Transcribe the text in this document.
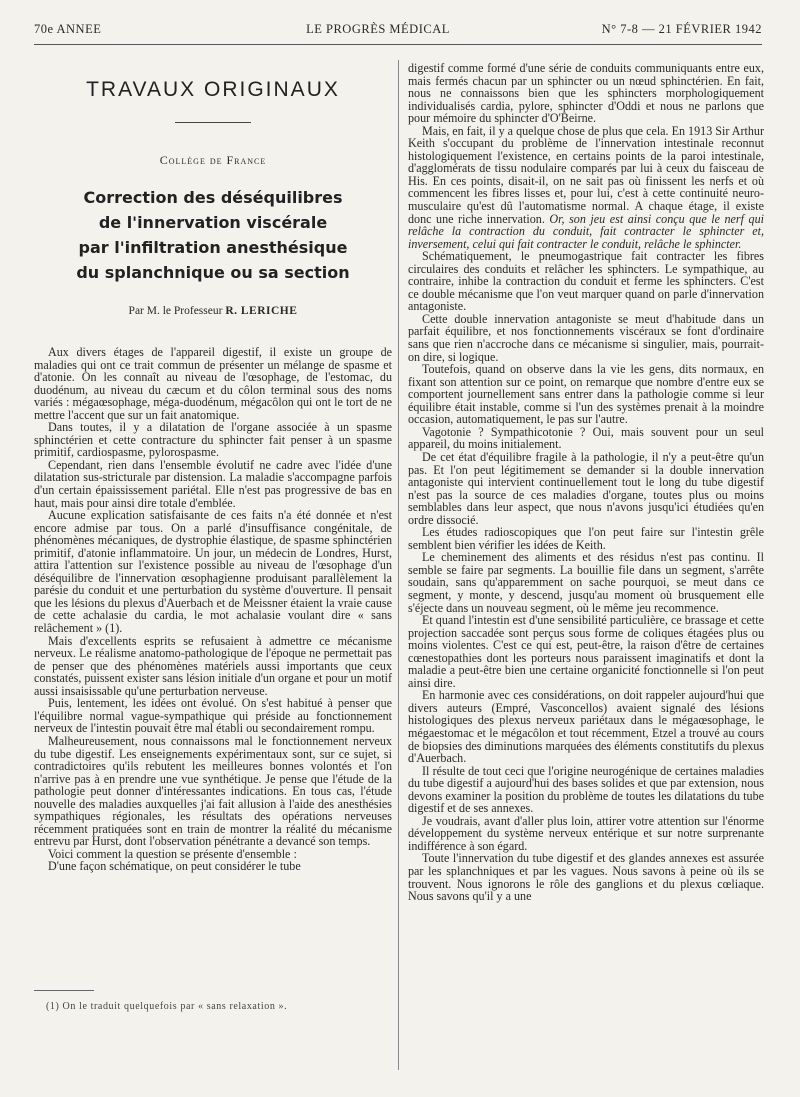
70e ANNEE	LE PROGRÈS MÉDICAL	N° 7-8 — 21 FÉVRIER 1942
TRAVAUX ORIGINAUX
Collège de France
Correction des déséquilibres
de l'innervation viscérale
par l'infiltration anesthésique
du splanchnique ou sa section
Par M. le Professeur R. LERICHE

Aux divers étages de l'appareil digestif, il existe un groupe de maladies qui ont ce trait commun de présenter un mélange de spasme et d'atonie. On les connaît au niveau de l'œsophage, de l'estomac, du duodénum, au niveau du cæcum et du côlon terminal sous des noms variés : mégaœsophage, méga-duodénum, mégacôlon qui ont le tort de ne mettre l'accent que sur un fait anatomique.

Dans toutes, il y a dilatation de l'organe associée à un spasme sphinctérien et cette contracture du sphincter fait penser à un spasme primitif, cardiospasme, pylorospasme.

Cependant, rien dans l'ensemble évolutif ne cadre avec l'idée d'une dilatation sus-stricturale par distension. La maladie s'accompagne parfois d'un certain épaississement pariétal. Elle n'est pas progressive de bas en haut, mais pour ainsi dire totale d'emblée.

Aucune explication satisfaisante de ces faits n'a été donnée et n'est encore admise par tous. On a parlé d'insuffisance congénitale, de phénomènes mécaniques, de dystrophie élastique, de spasme sphinctérien primitif, d'atonie inflammatoire. Un jour, un médecin de Londres, Hurst, attira l'attention sur l'existence possible au niveau de l'œsophage d'un déséquilibre de l'innervation œsophagienne produisant parallèlement la parésie du conduit et une perturbation du système d'ouverture. Il pensait que les lésions du plexus d'Auerbach et de Meissner étaient la vraie cause de cette achalasie du cardia, le mot achalasie voulant dire « sans relâchement » (1).

Mais d'excellents esprits se refusaient à admettre ce mécanisme nerveux. Le réalisme anatomo-pathologique de l'époque ne permettait pas de penser que des phénomènes matériels aussi importants que ceux constatés, puissent exister sans lésion initiale d'un organe et pour un motif aussi insaisissable qu'une perturbation nerveuse.

Puis, lentement, les idées ont évolué. On s'est habitué à penser que l'équilibre normal vague-sympathique qui préside au fonctionnement nerveux de l'intestin pouvait être mal établi ou secondairement rompu.

Malheureusement, nous connaissons mal le fonctionnement nerveux du tube digestif. Les enseignements expérimentaux sont, sur ce sujet, si contradictoires qu'ils rebutent les meilleures bonnes volontés et l'on n'arrive pas à en prendre une vue synthétique. Je pense que l'étude de la pathologie peut donner d'intéressantes indications. En tous cas, l'étude nouvelle des maladies auxquelles j'ai fait allusion à l'aide des anesthésies sympathiques régionales, les résultats des opérations nerveuses récemment pratiquées sont en train de montrer la réalité du mécanisme entrevu par Hurst, dont l'observation pénétrante a devancé son temps.

Voici comment la question se présente d'ensemble :

D'une façon schématique, on peut considérer le tube

(1) On le traduit quelquefois par « sans relaxation ».

digestif comme formé d'une série de conduits communiquants entre eux, mais fermés chacun par un sphincter ou un nœud sphinctérien. En fait, nous ne connaissons bien que les sphincters morphologiquement individualisés cardia, pylore, sphincter d'Oddi et nous ne parlons que pour mémoire du sphincter d'O'Beirne.

Mais, en fait, il y a quelque chose de plus que cela. En 1913 Sir Arthur Keith s'occupant du problème de l'innervation intestinale reconnut histologiquement l'existence, en certains points de la paroi intestinale, d'agglomérats de tissu nodulaire comparés par lui à ceux du faisceau de His. En ces points, disait-il, on ne sait pas où finissent les nerfs et où commencent les fibres lisses et, pour lui, c'est à cette continuité neuro-musculaire qu'est dû l'automatisme normal. A chaque étage, il existe donc une riche innervation. Or, son jeu est ainsi conçu que le nerf qui relâche la contraction du conduit, fait contracter le sphincter et, inversement, celui qui fait contracter le conduit, relâche le sphincter.

Schématiquement, le pneumogastrique fait contracter les fibres circulaires des conduits et relâcher les sphincters. Le sympathique, au contraire, inhibe la contraction du conduit et ferme les sphincters. C'est ce double mécanisme que l'on veut marquer quand on parle d'innervation antagoniste.

Cette double innervation antagoniste se meut d'habitude dans un parfait équilibre, et nos fonctionnements viscéraux se font d'ordinaire sans que rien n'accroche dans ce mécanisme si singulier, mais, pourrait-on dire, si logique.

Toutefois, quand on observe dans la vie les gens, dits normaux, en fixant son attention sur ce point, on remarque que nombre d'entre eux se comportent journellement sans entrer dans la pathologie comme si leur équilibre était instable, comme si l'un des systèmes prenait à la moindre occasion, automatiquement, le pas sur l'autre.

Vagotonie ? Sympathicotonie ? Oui, mais souvent pour un seul appareil, du moins initialement.

De cet état d'équilibre fragile à la pathologie, il n'y a peut-être qu'un pas. Et l'on peut légitimement se demander si la double innervation antagoniste qui intervient continuellement tout le long du tube digestif n'est pas la source de ces maladies d'organe, toutes plus ou moins semblables dans leur aspect, que nous n'avons jusqu'ici étudiées qu'en ordre dissocié.

Les études radioscopiques que l'on peut faire sur l'intestin grêle semblent bien vérifier les idées de Keith.

Le cheminement des aliments et des résidus n'est pas continu. Il semble se faire par segments. La bouillie file dans un segment, s'arrête soudain, sans qu'apparemment on sache pourquoi, se meut dans ce segment, y monte, y descend, jusqu'au moment où brusquement elle s'éjecte dans un nouveau segment, où le même jeu recommence.

Et quand l'intestin est d'une sensibilité particulière, ce brassage et cette projection saccadée sont perçus sous forme de coliques étagées plus ou moins violentes. C'est ce qui est, peut-être, la raison d'être de certaines cœnestopathies dont les porteurs nous paraissent imaginatifs et dont la maladie a peut-être bien une certaine organicité fonctionnelle si l'on peut ainsi dire.

En harmonie avec ces considérations, on doit rappeler aujourd'hui que divers auteurs (Empré, Vasconcellos) avaient signalé des lésions histologiques des plexus nerveux pariétaux dans le mégaœsophage, le mégaestomac et le mégacôlon et tout récemment, Etzel a trouvé au cours de biopsies des diminutions marquées des éléments constitutifs du plexus d'Auerbach.

Il résulte de tout ceci que l'origine neurogénique de certaines maladies du tube digestif a aujourd'hui des bases solides et que par extension, nous devons examiner la position du problème de toutes les dilatations du tube digestif et de ses annexes.

Je voudrais, avant d'aller plus loin, attirer votre attention sur l'énorme développement du système nerveux entérique et sur notre surprenante indifférence à son égard.

Toute l'innervation du tube digestif et des glandes annexes est assurée par les splanchniques et par les vagues. Nous savons à peine où ils se trouvent. Nous ignorons le rôle des ganglions et du plexus cœliaque. Nous savons qu'il y a une
